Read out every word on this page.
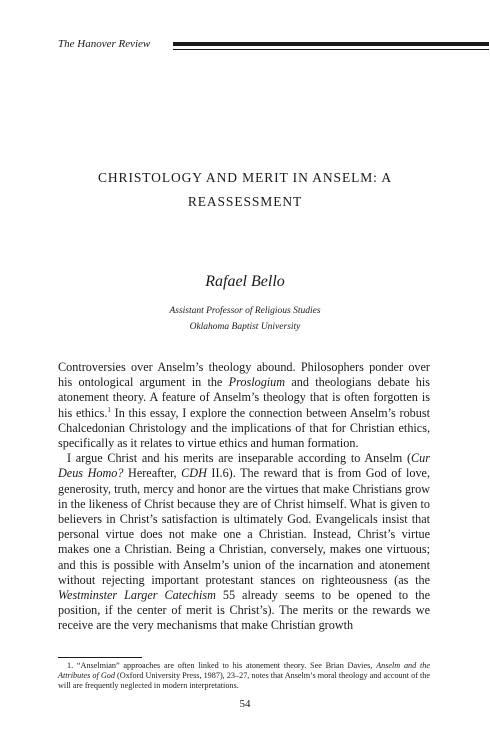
The Hanover Review
CHRISTOLOGY AND MERIT IN ANSELM: A REASSESSMENT
Rafael Bello
Assistant Professor of Religious Studies
Oklahoma Baptist University

Controversies over Anselm’s theology abound. Philosophers ponder over his ontological argument in the Proslogium and theologians debate his atonement theory. A feature of Anselm’s theology that is often forgotten is his ethics.$^1$ In this essay, I explore the connection between Anselm’s robust Chalcedonian Christology and the implications of that for Christian ethics, specifically as it relates to virtue ethics and human formation.

I argue Christ and his merits are inseparable according to Anselm (Cur Deus Homo? Hereafter, CDH II.6). The reward that is from God of love, generosity, truth, mercy and honor are the virtues that make Christians grow in the likeness of Christ because they are of Christ himself. What is given to believers in Christ’s satisfaction is ultimately God. Evangelicals insist that personal virtue does not make one a Christian. Instead, Christ’s virtue makes one a Christian. Being a Christian, conversely, makes one virtuous; and this is possible with Anselm’s union of the incarnation and atonement without rejecting important protestant stances on righteousness (as the Westminster Larger Catechism 55 already seems to be opened to the position, if the center of merit is Christ’s). The merits or the rewards we receive are the very mechanisms that make Christian growth

1. “Anselmian” approaches are often linked to his atonement theory. See Brian Davies, Anselm and the Attributes of God (Oxford University Press, 1987), 23–27, notes that Anselm’s moral theology and account of the will are frequently neglected in modern interpretations.
54
